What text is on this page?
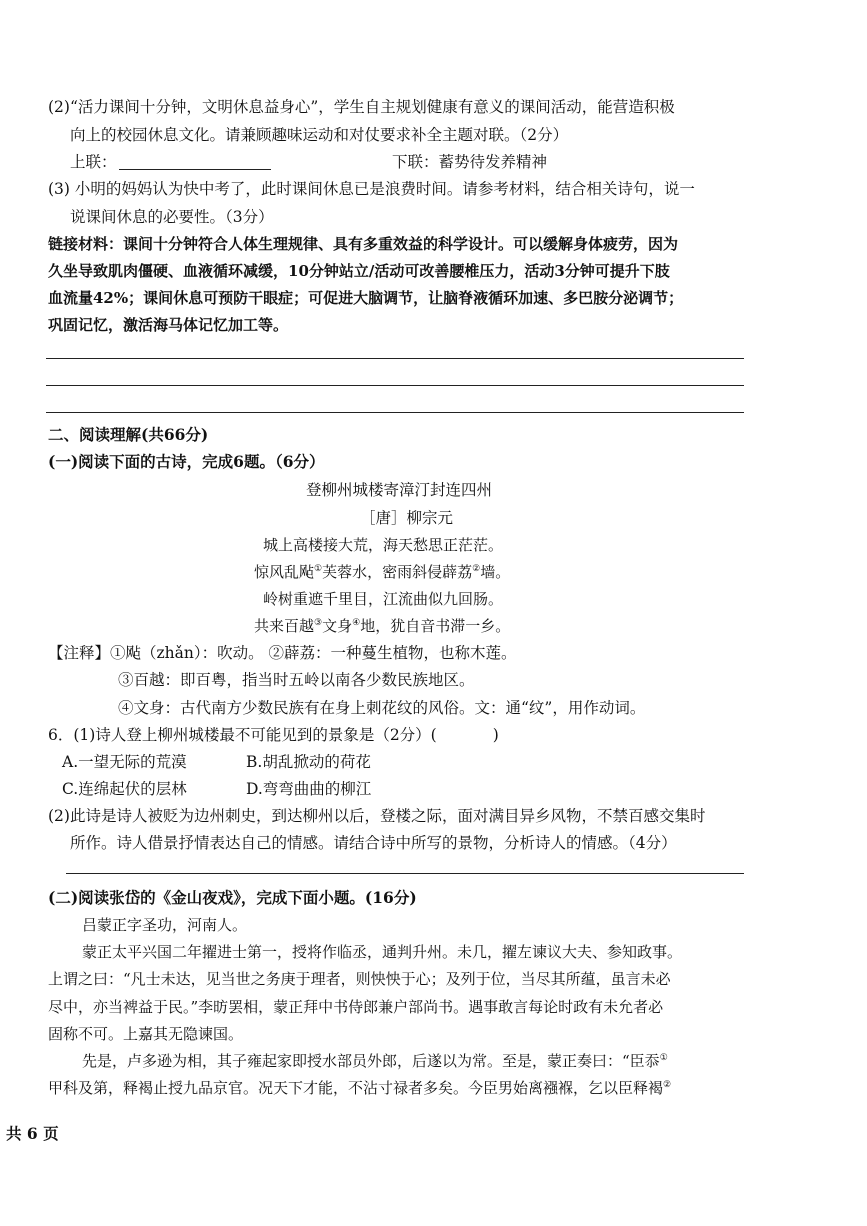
(2)“活力课间十分钟，文明休息益身心”，学生自主规划健康有意义的课间活动，能营造积极
向上的校园休息文化。请兼顾趣味运动和对仗要求补全主题对联。（2分）
上联：	下联：蓄势待发养精神
(3) 小明的妈妈认为快中考了，此时课间休息已是浪费时间。请参考材料，结合相关诗句，说一
说课间休息的必要性。（3分）
链接材料：课间十分钟符合人体生理规律、具有多重效益的科学设计。可以缓解身体疲劳，因为
久坐导致肌肉僵硬、血液循环减缓，10分钟站立/活动可改善腰椎压力，活动3分钟可提升下肢
血流量42%；课间休息可预防干眼症；可促进大脑调节，让脑脊液循环加速、多巴胺分泌调节；
巩固记忆，激活海马体记忆加工等。
二、阅读理解(共66分)
(一)阅读下面的古诗，完成6题。（6分）
登柳州城楼寄漳汀封连四州
［唐］柳宗元
城上高楼接大荒，海天愁思正茫茫。
惊风乱飐①芙蓉水，密雨斜侵薜荔②墙。
岭树重遮千里目，江流曲似九回肠。
共来百越③文身④地，犹自音书滞一乡。
【注释】①飐（zhǎn）：吹动。 ②薜荔：一种蔓生植物，也称木莲。
③百越：即百粤，指当时五岭以南各少数民族地区。
④文身：古代南方少数民族有在身上刺花纹的风俗。文：通“纹”，用作动词。
6．(1)诗人登上柳州城楼最不可能见到的景象是（2分）(	)
A.一望无际的荒漠	B.胡乱掀动的荷花
C.连绵起伏的层林	D.弯弯曲曲的柳江
(2)此诗是诗人被贬为边州刺史，到达柳州以后，登楼之际，面对满目异乡风物，不禁百感交集时
所作。诗人借景抒情表达自己的情感。请结合诗中所写的景物，分析诗人的情感。（4分）
(二)阅读张岱的《金山夜戏》，完成下面小题。(16分)
吕蒙正字圣功，河南人。
蒙正太平兴国二年擢进士第一，授将作临丞，通判升州。未几，擢左谏议大夫、参知政事。
上谓之曰：“凡士未达，见当世之务庚于理者，则怏怏于心；及列于位，当尽其所蕴，虽言未必
尽中，亦当裨益于民。”李昉罢相，蒙正拜中书侍郎兼户部尚书。遇事敢言每论时政有未允者必
固称不可。上嘉其无隐谏国。
先是，卢多逊为相，其子雍起家即授水部员外郎，后遂以为常。至是，蒙正奏曰：“臣忝①
甲科及第，释褐止授九品京官。况天下才能，不沾寸禄者多矣。今臣男始离襁褓，乞以臣释褐②
共 6 页
